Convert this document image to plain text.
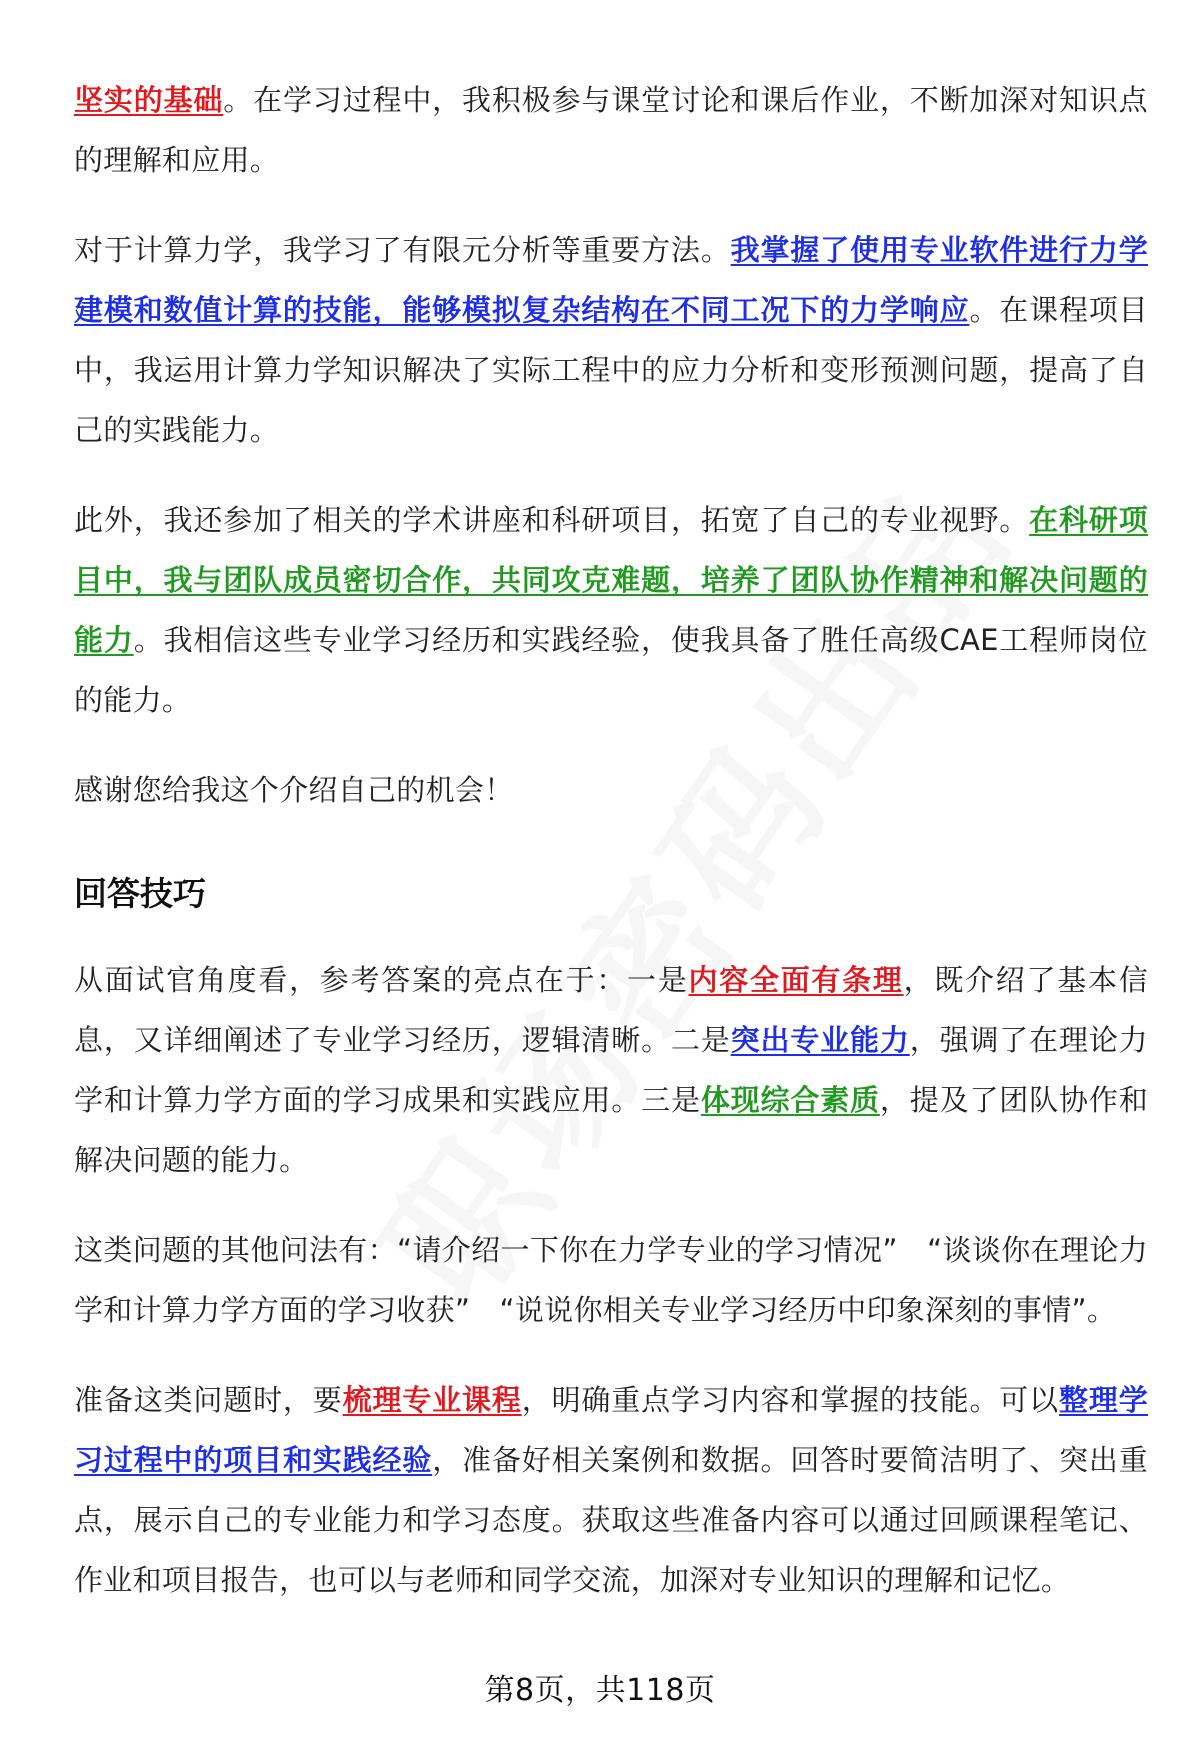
坚实的基础。在学习过程中，我积极参与课堂讨论和课后作业，不断加深对知识点的理解和应用。

对于计算力学，我学习了有限元分析等重要方法。我掌握了使用专业软件进行力学建模和数值计算的技能，能够模拟复杂结构在不同工况下的力学响应。在课程项目中，我运用计算力学知识解决了实际工程中的应力分析和变形预测问题，提高了自己的实践能力。

此外，我还参加了相关的学术讲座和科研项目，拓宽了自己的专业视野。在科研项目中，我与团队成员密切合作，共同攻克难题，培养了团队协作精神和解决问题的能力。我相信这些专业学习经历和实践经验，使我具备了胜任高级CAE工程师岗位的能力。

感谢您给我这个介绍自己的机会！

回答技巧

从面试官角度看，参考答案的亮点在于：一是内容全面有条理，既介绍了基本信息，又详细阐述了专业学习经历，逻辑清晰。二是突出专业能力，强调了在理论力学和计算力学方面的学习成果和实践应用。三是体现综合素质，提及了团队协作和解决问题的能力。

这类问题的其他问法有：“请介绍一下你在力学专业的学习情况”　“谈谈你在理论力学和计算力学方面的学习收获”　“说说你相关专业学习经历中印象深刻的事情”。

准备这类问题时，要梳理专业课程，明确重点学习内容和掌握的技能。可以整理学习过程中的项目和实践经验，准备好相关案例和数据。回答时要简洁明了、突出重点，展示自己的专业能力和学习态度。获取这些准备内容可以通过回顾课程笔记、作业和项目报告，也可以与老师和同学交流，加深对专业知识的理解和记忆。

第8页，共118页
